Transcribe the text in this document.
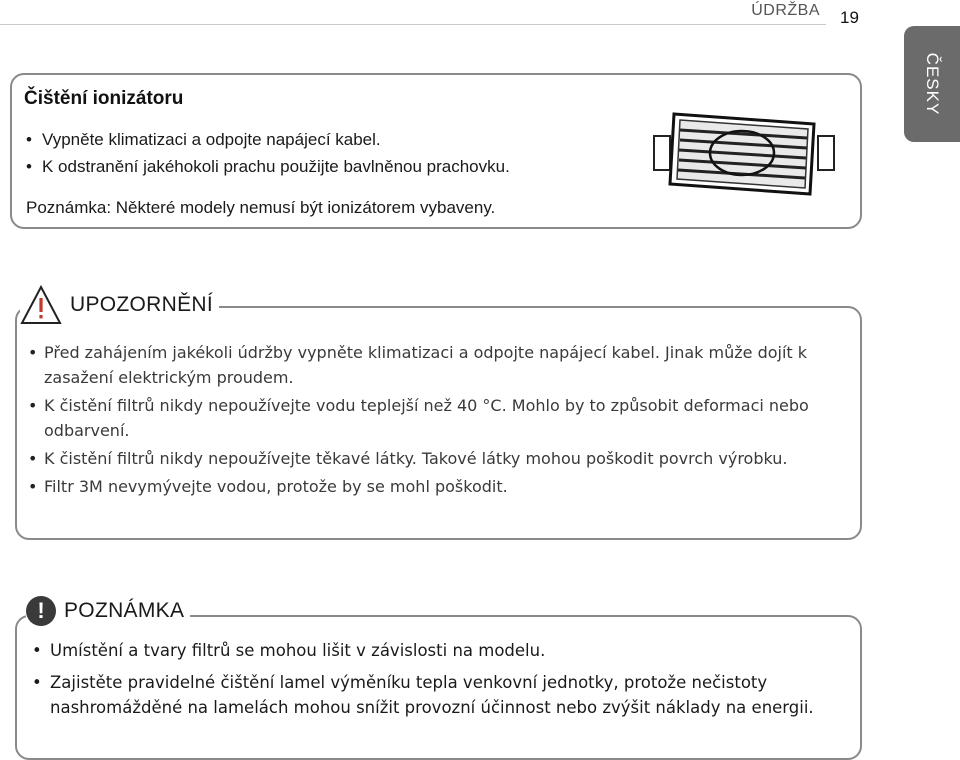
ÚDRŽBA 19
ČESKY
Čištění ionizátoru
• Vypněte klimatizaci a odpojte napájecí kabel.
• K odstranění jakéhokoli prachu použijte bavlněnou prachovku.
Poznámka: Některé modely nemusí být ionizátorem vybaveny.
UPOZORNĚNÍ
• Před zahájením jakékoli údržby vypněte klimatizaci a odpojte napájecí kabel. Jinak může dojít k zasažení elektrickým proudem.
• K čistění filtrů nikdy nepoužívejte vodu teplejší než 40 °C. Mohlo by to způsobit deformaci nebo odbarvení.
• K čistění filtrů nikdy nepoužívejte těkavé látky. Takové látky mohou poškodit povrch výrobku.
• Filtr 3M nevymývejte vodou, protože by se mohl poškodit.
! POZNÁMKA
• Umístění a tvary filtrů se mohou lišit v závislosti na modelu.
• Zajistěte pravidelné čištění lamel výměníku tepla venkovní jednotky, protože nečistoty nashromážděné na lamelách mohou snížit provozní účinnost nebo zvýšit náklady na energii.
